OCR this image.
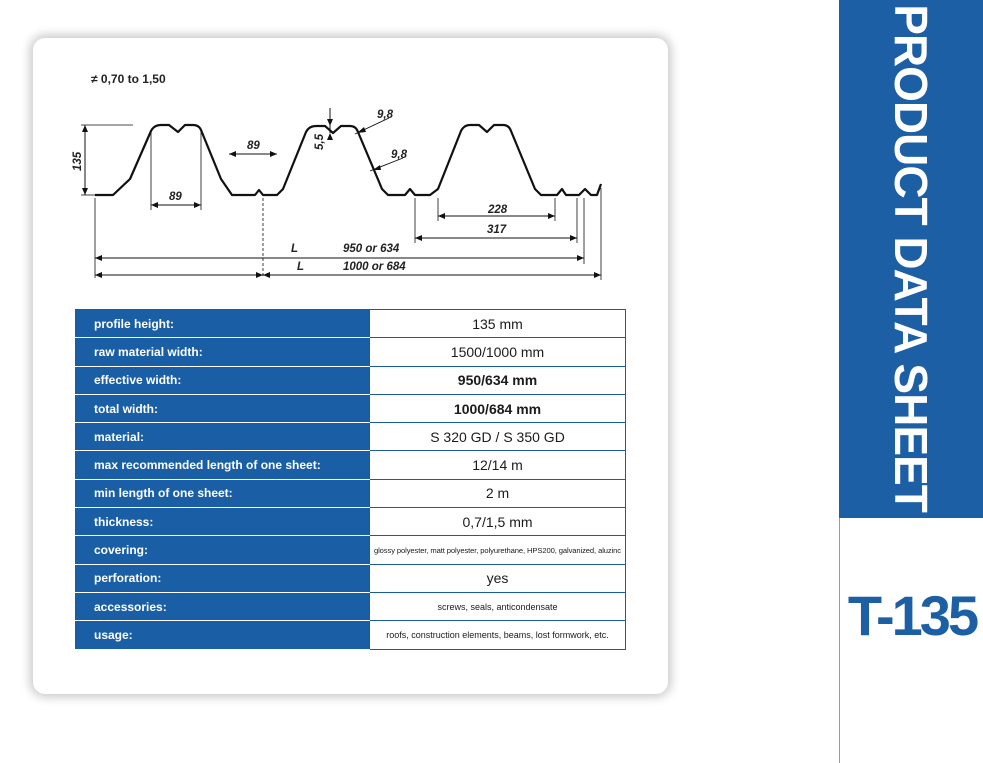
≠ 0,70 to 1,50
135
89
89	5,5
9,8
9,8
228
317
L	950 or 634
L	1000 or 684
profile height:	135 mm
raw material width:	1500/1000 mm
effective width:	950/634 mm
total width:	1000/684 mm
material:	S 320 GD / S 350 GD
max recommended length of one sheet:	12/14 m
min length of one sheet:	2 m
thickness:	0,7/1,5 mm
covering:	glossy polyester, matt polyester, polyurethane, HPS200, galvanized, aluzinc
perforation:	yes
accessories:	screws, seals, anticondensate
usage:	roofs, construction elements, beams, lost formwork, etc.
PRODUCT DATA SHEET
T-135
